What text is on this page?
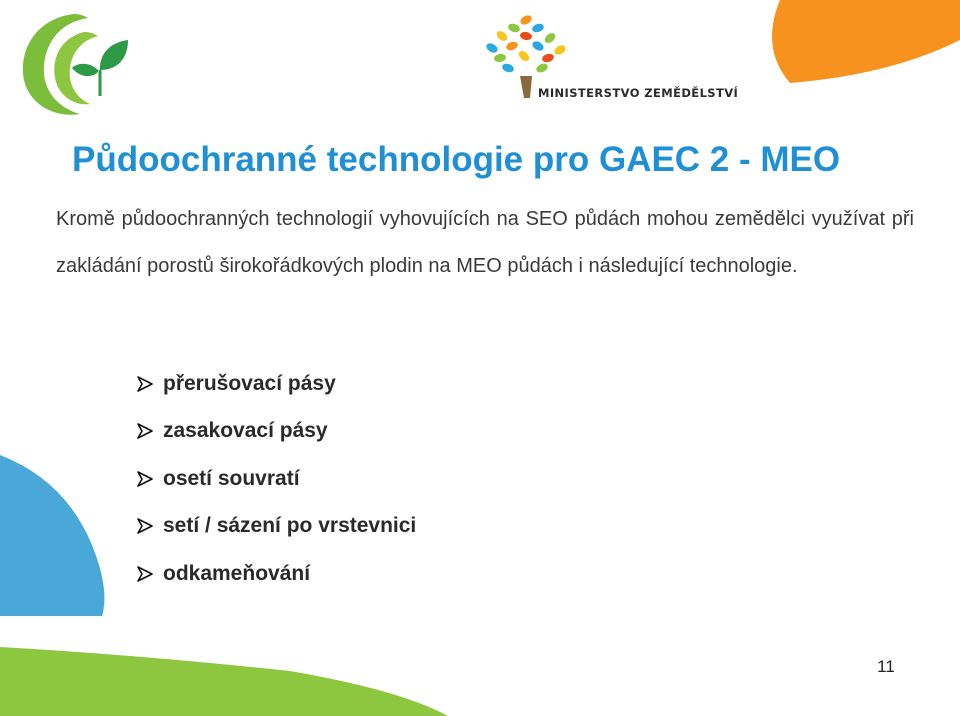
MINISTERSTVO ZEMĚDĚLSTVÍ
Půdoochranné technologie pro GAEC 2 - MEO

Kromě půdoochranných technologií vyhovujících na SEO půdách mohou zemědělci využívat při zakládání porostů širokořádkových plodin na MEO půdách i následující technologie.

přerušovací pásy
zasakovací pásy
osetí souvratí
setí / sázení po vrstevnici
odkameňování
11
